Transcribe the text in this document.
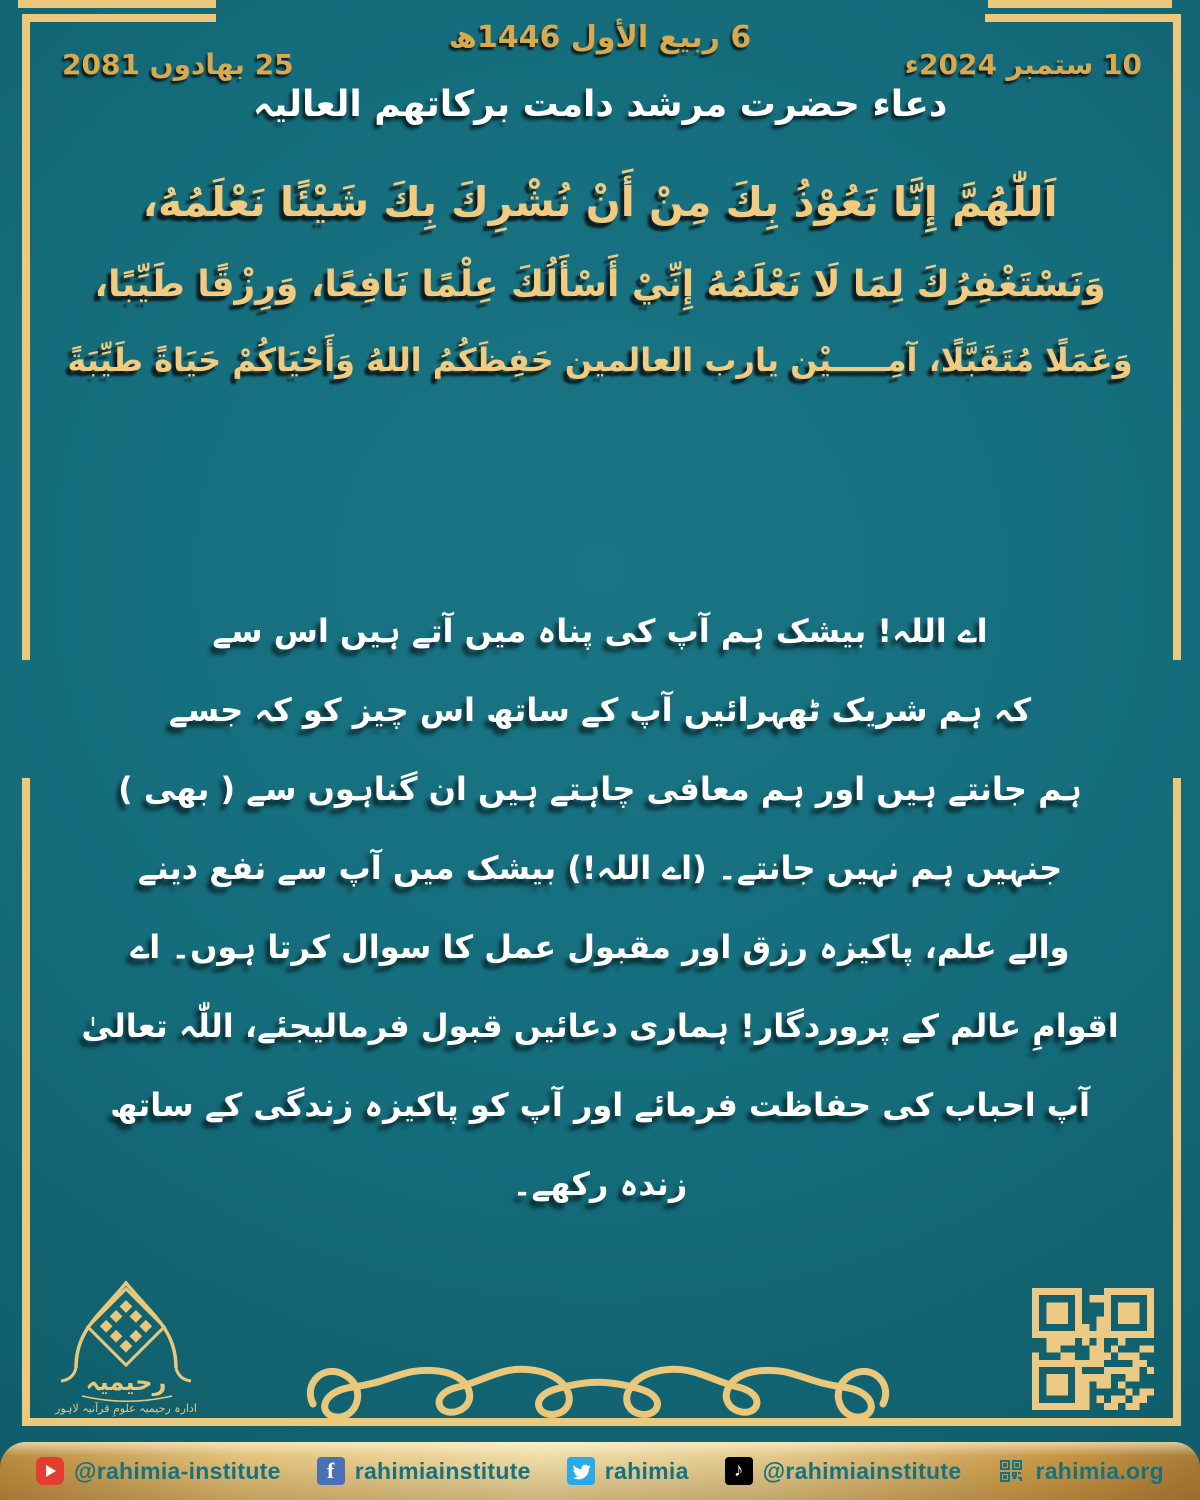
6 ربیع الأول 1446ھ
10 ستمبر 2024ء
25 بھادوں 2081
دعاء حضرت مرشد دامت برکاتھم العالیہ
اَللّٰهُمَّ إِنَّا نَعُوْذُ بِكَ مِنْ أَنْ نُشْرِكَ بِكَ شَيْئًا نَعْلَمُهُ،
وَنَسْتَغْفِرُكَ لِمَا لَا نَعْلَمُهُ إِنِّيْ أَسْأَلُكَ عِلْمًا نَافِعًا، وَرِزْقًا طَيِّبًا،
وَعَمَلًا مُتَقَبَّلًا، آمِـــــيْن يارب العالمين حَفِظَكُمُ اللهُ وَأَحْيَاكُمْ حَيَاةً طَيِّبَةً
اے اللہ! بیشک ہم آپ کی پناہ میں آتے ہیں اس سے
کہ ہم شریک ٹھہرائیں آپ کے ساتھ اس چیز کو کہ جسے
ہم جانتے ہیں اور ہم معافی چاہتے ہیں ان گناہوں سے ( بھی )
جنہیں ہم نہیں جانتے۔ (اے اللہ!) بیشک میں آپ سے نفع دینے
والے علم، پاکیزہ رزق اور مقبول عمل کا سوال کرتا ہوں۔ اے
اقوامِ عالم کے پروردگار! ہماری دعائیں قبول فرمالیجئے، اللّٰہ تعالیٰ
آپ احباب کی حفاظت فرمائے اور آپ کو پاکیزہ زندگی کے ساتھ
زندہ رکھے۔
رحیمیہ
ادارہ رحیمیہ علومِ قرآنیہ لاہور
@rahimia-institute	f rahimiainstitute	rahimia	♪ @rahimiainstitute	rahimia.org
